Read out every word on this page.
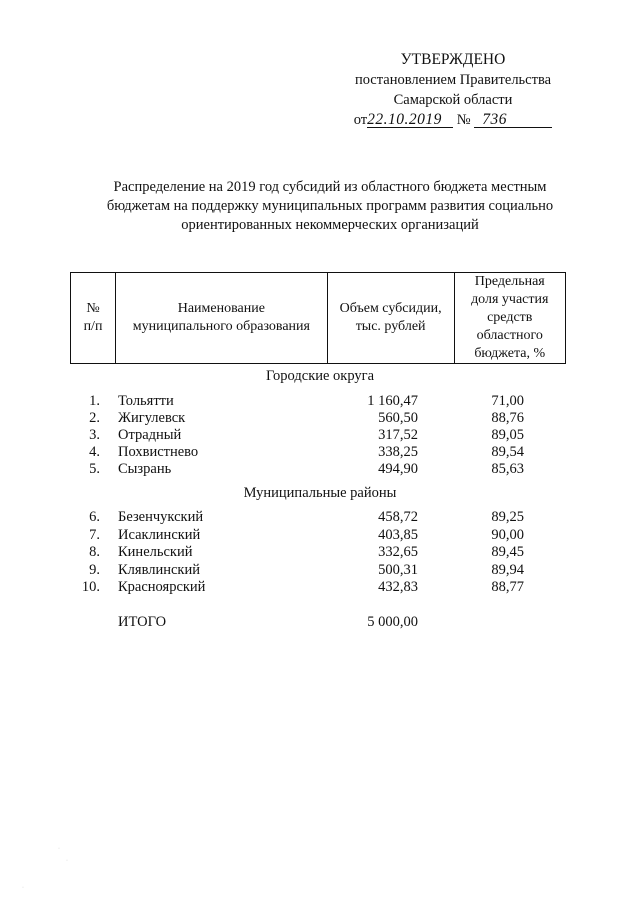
УТВЕРЖДЕНО
постановлением Правительства
Самарской области
от22.10.2019 № 736
Распределение на 2019 год субсидий из областного бюджета местным
бюджетам на поддержку муниципальных программ развития социально
ориентированных некоммерческих организаций
№
п/п

Наименование
муниципального образования

Объем субсидии,
тыс. рублей

Предельная
доля участия
средств
областного
бюджета, %
Городские округа
1. Тольятти	1 160,47	71,00
2. Жигулевск	560,50	88,76
3. Отрадный	317,52	89,05
4. Похвистнево	338,25	89,54
5. Сызрань	494,90	85,63
Муниципальные районы
6. Безенчукский	458,72	89,25
7. Исаклинский	403,85	90,00
8. Кинельский	332,65	89,45
9. Клявлинский	500,31	89,94
10. Красноярский	432,83	88,77
ИТОГО	5 000,00
·
·
·
